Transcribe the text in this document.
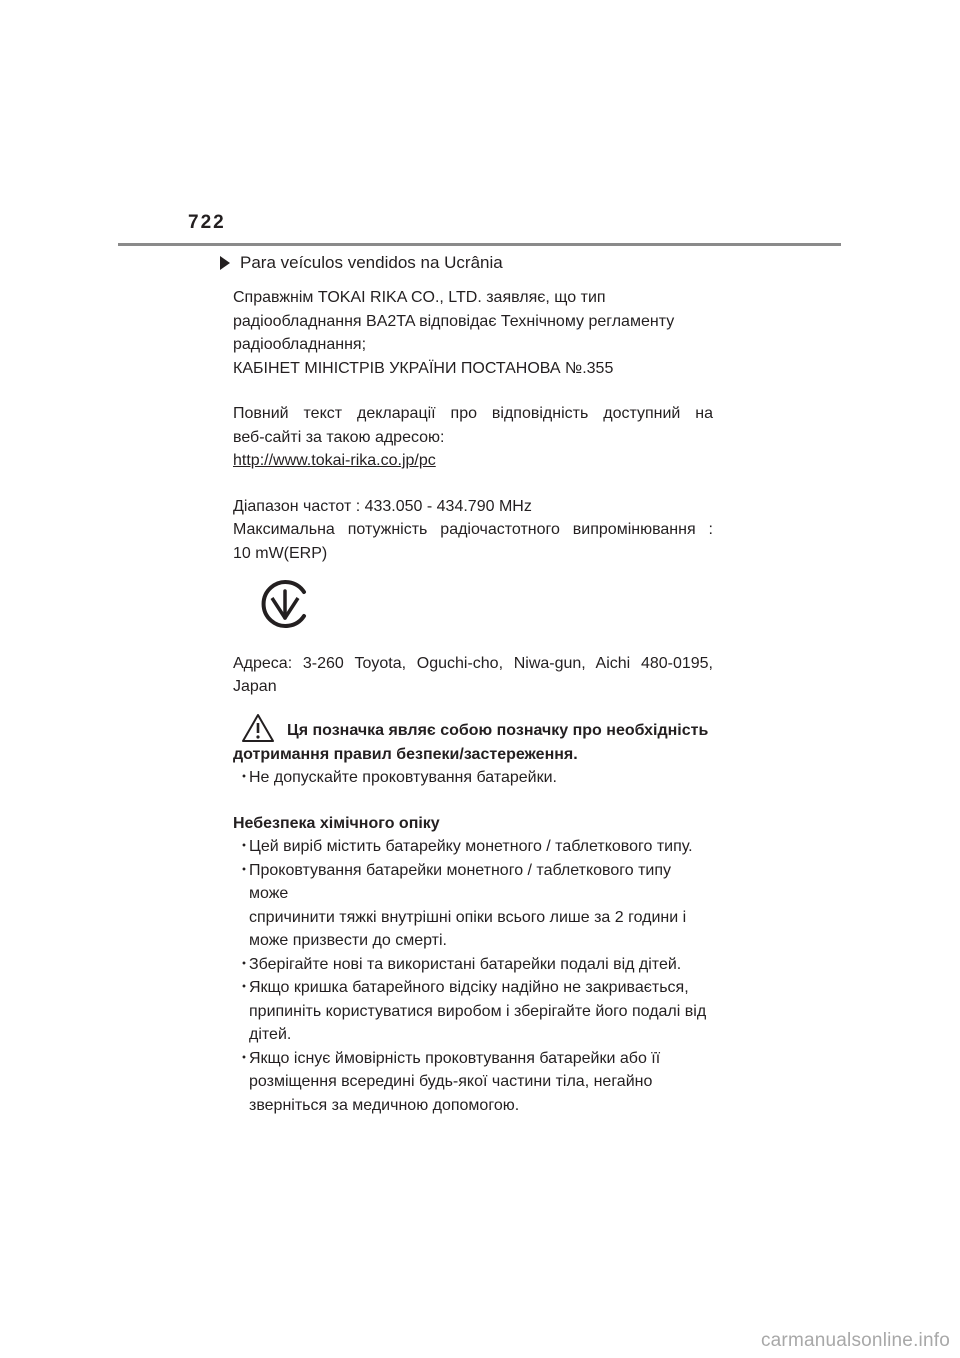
722
Para veículos vendidos na Ucrânia

Справжнім TOKAI RIKA CO., LTD. заявляє, що тип

радіообладнання BA2TA відповідає Технічному регламенту

радіообладнання;

КАБІНЕТ МІНІСТРІВ УКРАЇНИ ПОСТАНОВА №.355

Повний текст декларації про відповідність доступний на

веб-сайті за такою адресою:

http://www.tokai-rika.co.jp/pc

Діапазон частот : 433.050 - 434.790 MHz

Максимальна потужність радіочастотного випромінювання :

10 mW(ERP)

Адреса: 3-260 Toyota, Oguchi-cho, Niwa-gun, Aichi 480-0195,

Japan

Ця позначка являє собою позначку про необхідність

дотримання правил безпеки/застереження.

・
Не допускайте проковтування батарейки.

Небезпека хімічного опіку

・
Цей виріб містить батарейку монетного / таблеткового типу.
・
Проковтування батарейки монетного / таблеткового типу може
спричинити тяжкі внутрішні опіки всього лише за 2 години і
може призвести до смерті.
・
Зберігайте нові та використані батарейки подалі від дітей.
・
Якщо кришка батарейного відсіку надійно не закривається,
припиніть користуватися виробом і зберігайте його подалі від
дітей.
・
Якщо існує ймовірність проковтування батарейки або її
розміщення всередині будь-якої частини тіла, негайно
зверніться за медичною допомогою.
carmanualsonline.info
